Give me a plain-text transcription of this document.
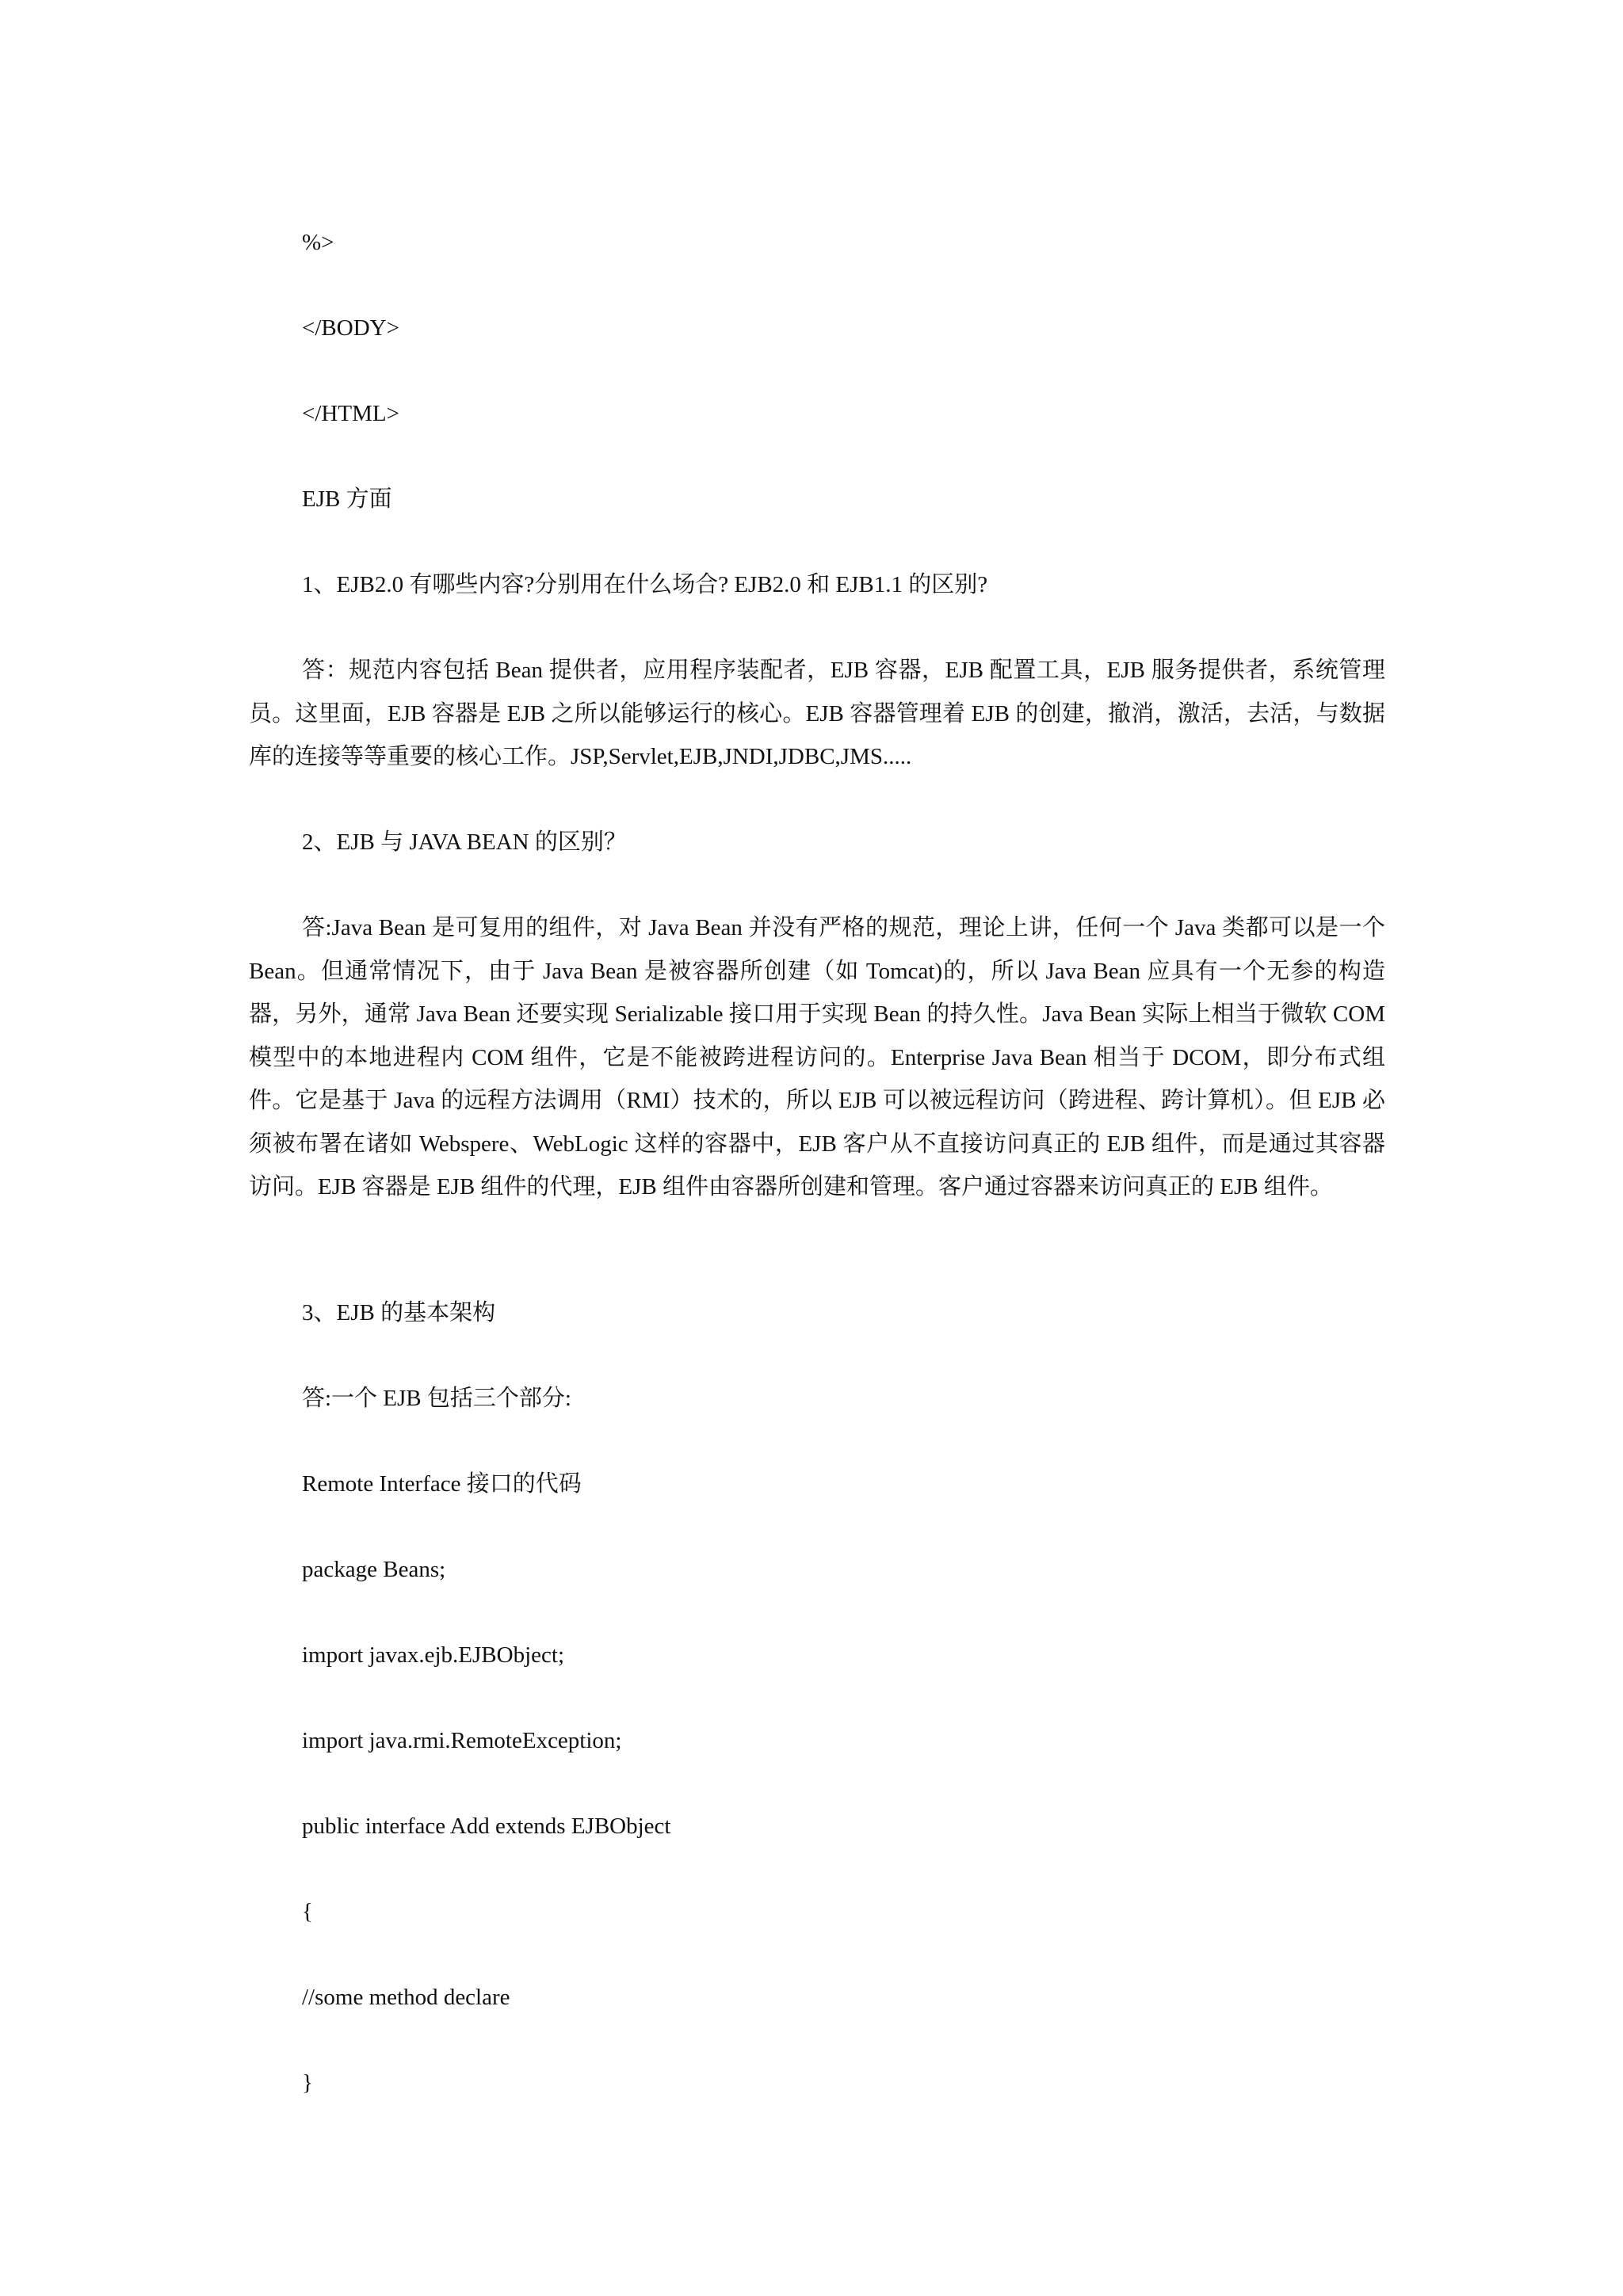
%>

</BODY>

</HTML>

EJB 方面

1、EJB2.0 有哪些内容?分别用在什么场合? EJB2.0 和 EJB1.1 的区别?

答：规范内容包括 Bean 提供者，应用程序装配者，EJB 容器，EJB 配置工具，EJB 服务提供者，系统管理员。这里面，EJB 容器是 EJB 之所以能够运行的核心。EJB 容器管理着 EJB 的创建，撤消，激活，去活，与数据库的连接等等重要的核心工作。JSP,Servlet,EJB,JNDI,JDBC,JMS.....

2、EJB 与 JAVA BEAN 的区别？

答:Java Bean 是可复用的组件，对 Java Bean 并没有严格的规范，理论上讲，任何一个 Java 类都可以是一个 Bean。但通常情况下，由于 Java Bean 是被容器所创建（如 Tomcat)的，所以 Java Bean 应具有一个无参的构造器，另外，通常 Java Bean 还要实现 Serializable 接口用于实现 Bean 的持久性。Java Bean 实际上相当于微软 COM 模型中的本地进程内 COM 组件，它是不能被跨进程访问的。Enterprise Java Bean 相当于 DCOM，即分布式组件。它是基于 Java 的远程方法调用（RMI）技术的，所以 EJB 可以被远程访问（跨进程、跨计算机）。但 EJB 必须被布署在诸如 Webspere、WebLogic 这样的容器中，EJB 客户从不直接访问真正的 EJB 组件，而是通过其容器访问。EJB 容器是 EJB 组件的代理，EJB 组件由容器所创建和管理。客户通过容器来访问真正的 EJB 组件。

3、EJB 的基本架构

答:一个 EJB 包括三个部分:

Remote Interface 接口的代码

package Beans;

import javax.ejb.EJBObject;

import java.rmi.RemoteException;

public interface Add extends EJBObject

{

//some method declare

}
